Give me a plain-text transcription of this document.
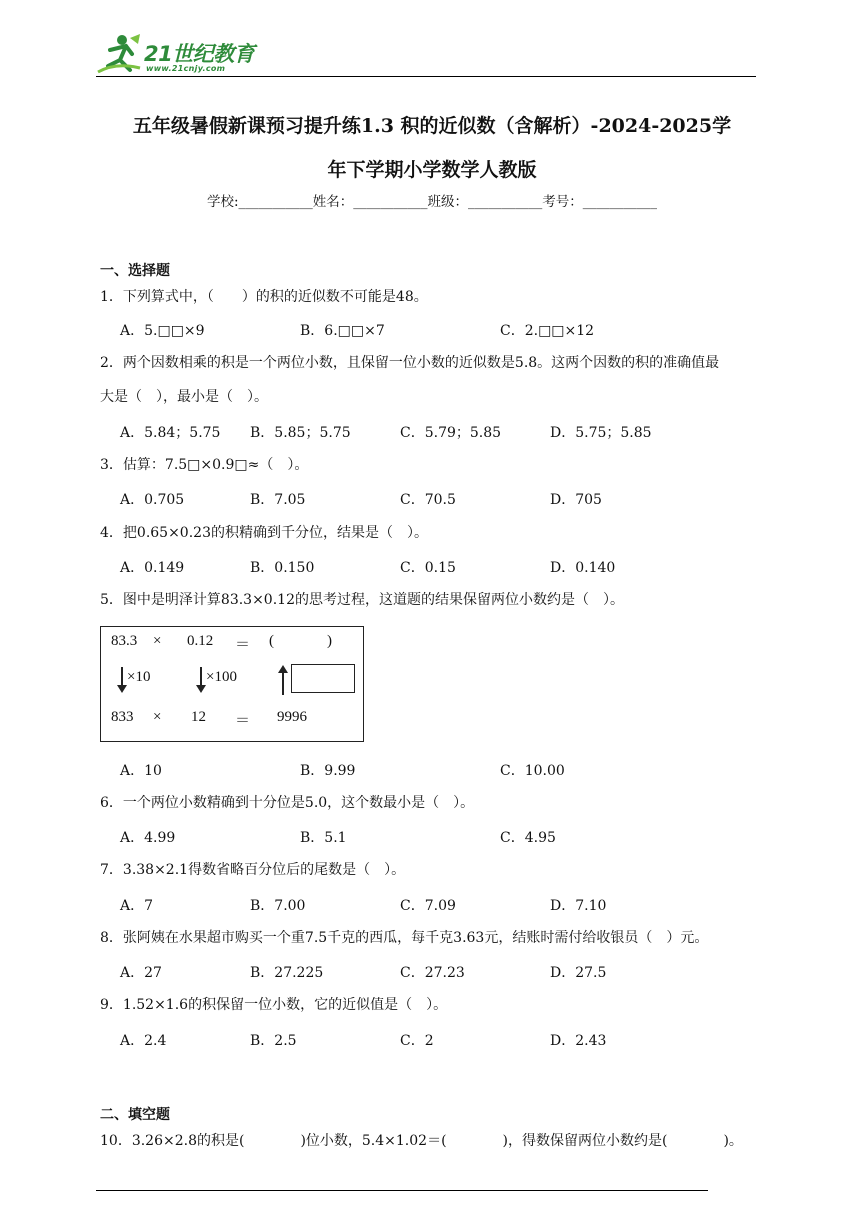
21世纪教育
www.21cnjy.com
五年级暑假新课预习提升练1.3 积的近似数（含解析）-2024-2025学
年下学期小学数学人教版
学校:___________姓名：___________班级：___________考号：___________
一、选择题
1．下列算式中，（　　）的积的近似数不可能是48。
A．5.□□×9	B．6.□□×7	C．2.□□×12
2．两个因数相乘的积是一个两位小数，且保留一位小数的近似数是5.8。这两个因数的积的准确值最
大是（　），最小是（　）。
A．5.84；5.75 B．5.85；5.75	C．5.79；5.85	D．5.75；5.85
3．估算：7.5□×0.9□≈（　）。
A．0.705	B．7.05	C．70.5	D．705
4．把0.65×0.23的积精确到千分位，结果是（　）。
A．0.149	B．0.150	C．0.15	D．0.140
5．图中是明泽计算83.3×0.12的思考过程，这道题的结果保留两位小数约是（　）。
83.3 × 0.12 ＝ (	)
×10	×100
833 × 12 ＝ 9996
A．10	B．9.99	C．10.00
6．一个两位小数精确到十分位是5.0，这个数最小是（　）。
A．4.99	B．5.1	C．4.95
7．3.38×2.1得数省略百分位后的尾数是（　）。
A．7	B．7.00	C．7.09	D．7.10
8．张阿姨在水果超市购买一个重7.5千克的西瓜，每千克3.63元，结账时需付给收银员（　）元。
A．27	B．27.225	C．27.23	D．27.5
9．1.52×1.6的积保留一位小数，它的近似值是（　）。
A．2.4	B．2.5	C．2	D．2.43
二、填空题
10．3.26×2.8的积是(　　　　)位小数，5.4×1.02＝(　　　　)，得数保留两位小数约是(　　　　)。
